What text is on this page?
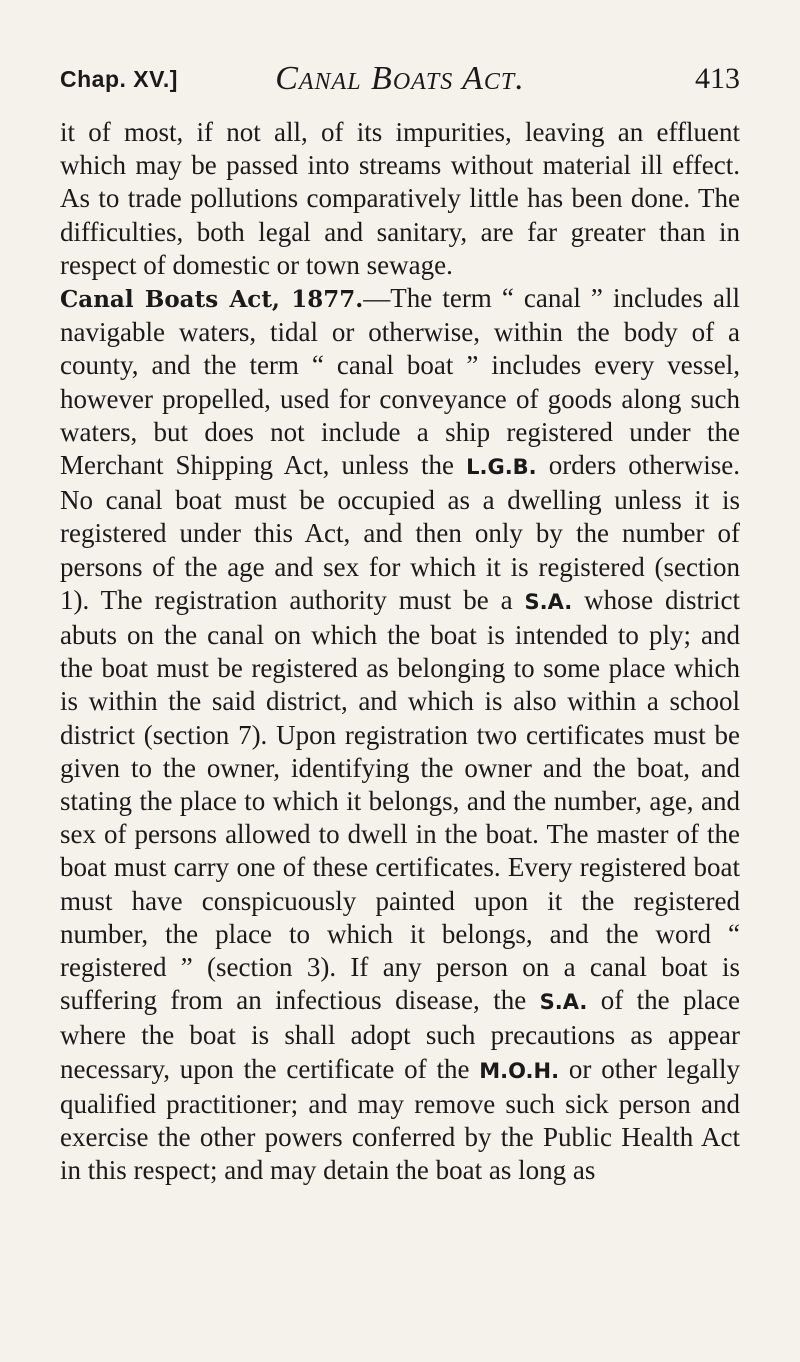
Chap. XV.]	Canal Boats Act.	413

it of most, if not all, of its impurities, leaving an effluent which may be passed into streams without material ill effect. As to trade pollutions comparatively little has been done. The difficulties, both legal and sanitary, are far greater than in respect of domestic or town sewage.

Canal Boats Act, 1877.—The term “ canal ” includes all navigable waters, tidal or otherwise, within the body of a county, and the term “ canal boat ” includes every vessel, however propelled, used for conveyance of goods along such waters, but does not include a ship registered under the Merchant Shipping Act, unless the L.G.B. orders otherwise. No canal boat must be occupied as a dwelling unless it is registered under this Act, and then only by the number of persons of the age and sex for which it is registered (section 1). The registration authority must be a S.A. whose district abuts on the canal on which the boat is intended to ply; and the boat must be registered as belonging to some place which is within the said district, and which is also within a school district (section 7). Upon registration two certificates must be given to the owner, identifying the owner and the boat, and stating the place to which it belongs, and the number, age, and sex of persons allowed to dwell in the boat. The master of the boat must carry one of these certificates. Every registered boat must have conspicuously painted upon it the registered number, the place to which it belongs, and the word “ registered ” (section 3). If any person on a canal boat is suffering from an infectious disease, the S.A. of the place where the boat is shall adopt such precautions as appear necessary, upon the certificate of the M.O.H. or other legally qualified practitioner; and may remove such sick person and exercise the other powers conferred by the Public Health Act in this respect; and may detain the boat as long as
